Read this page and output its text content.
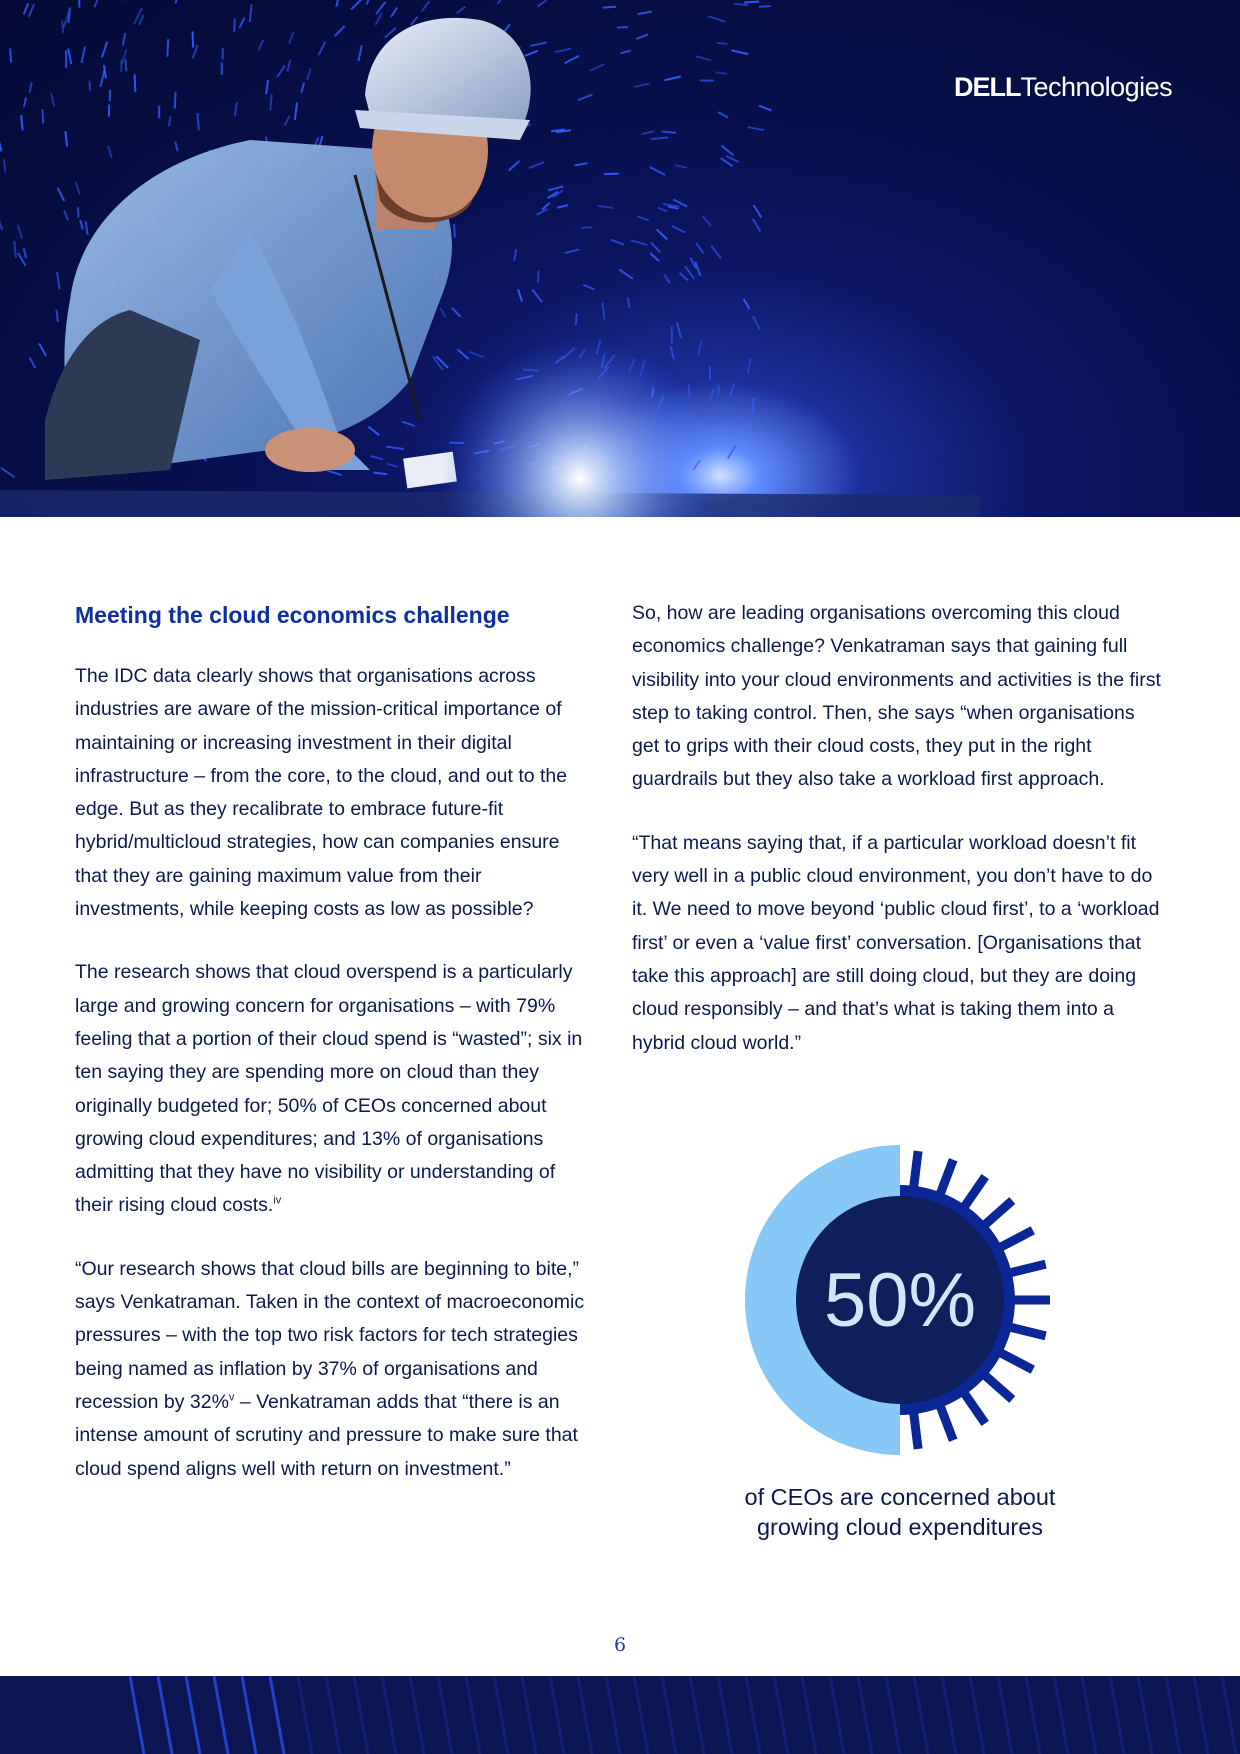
DELLTechnologies
Meeting the cloud economics challenge

The IDC data clearly shows that organisations across industries are aware of the mission-critical importance of maintaining or increasing investment in their digital infrastructure – from the core, to the cloud, and out to the edge. But as they recalibrate to embrace future-fit hybrid/multicloud strategies, how can companies ensure that they are gaining maximum value from their investments, while keeping costs as low as possible?

The research shows that cloud overspend is a particularly large and growing concern for organisations – with 79% feeling that a portion of their cloud spend is “wasted”; six in ten saying they are spending more on cloud than they originally budgeted for; 50% of CEOs concerned about growing cloud expenditures; and 13% of organisations admitting that they have no visibility or understanding of their rising cloud costs.$^{iv}$

“Our research shows that cloud bills are beginning to bite,” says Venkatraman. Taken in the context of macroeconomic pressures – with the top two risk factors for tech strategies being named as inflation by 37% of organisations and recession by 32%$^v$ – Venkatraman adds that “there is an intense amount of scrutiny and pressure to make sure that cloud spend aligns well with return on investment.”

So, how are leading organisations overcoming this cloud economics challenge? Venkatraman says that gaining full visibility into your cloud environments and activities is the first step to taking control. Then, she says “when organisations get to grips with their cloud costs, they put in the right guardrails but they also take a workload first approach.

“That means saying that, if a particular workload doesn’t fit very well in a public cloud environment, you don’t have to do it. We need to move beyond ‘public cloud first’, to a ‘workload first’ or even a ‘value first’ conversation. [Organisations that take this approach] are still doing cloud, but they are doing cloud responsibly – and that’s what is taking them into a hybrid cloud world.”

50%
of CEOs are concerned about
growing cloud expenditures
6
